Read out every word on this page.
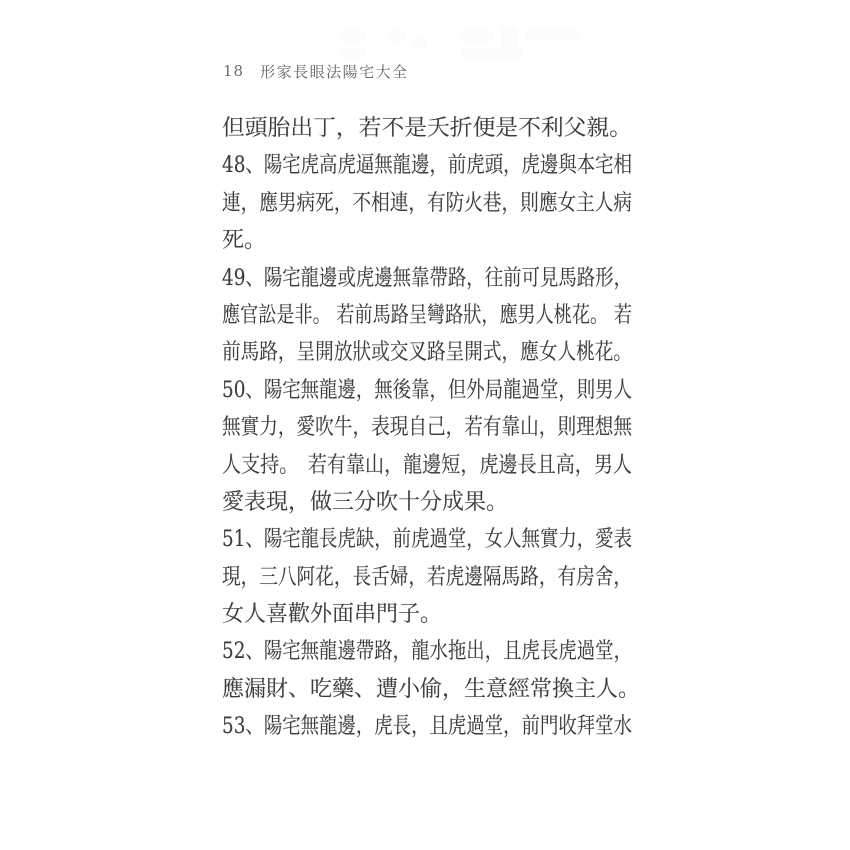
18 形家長眼法陽宅大全
但頭胎出丁，若不是夭折便是不利父親。
48、陽宅虎高虎逼無龍邊，前虎頭，虎邊與本宅相
連，應男病死，不相連，有防火巷，則應女主人病
死。
49、陽宅龍邊或虎邊無靠帶路，往前可見馬路形，
應官訟是非。 若前馬路呈彎路狀，應男人桃花。 若
前馬路，呈開放狀或交叉路呈開式，應女人桃花。
50、陽宅無龍邊，無後靠，但外局龍過堂，則男人
無實力，愛吹牛，表現自己，若有靠山，則理想無
人支持。　若有靠山，龍邊短，虎邊長且高，男人
愛表現，做三分吹十分成果。
51、陽宅龍長虎缺，前虎過堂，女人無實力，愛表
現，三八阿花，長舌婦，若虎邊隔馬路，有房舍，
女人喜歡外面串門子。
52、陽宅無龍邊帶路，龍水拖出，且虎長虎過堂，
應漏財、吃藥、遭小偷，生意經常換主人。
53、陽宅無龍邊，虎長，且虎過堂，前門收拜堂水
